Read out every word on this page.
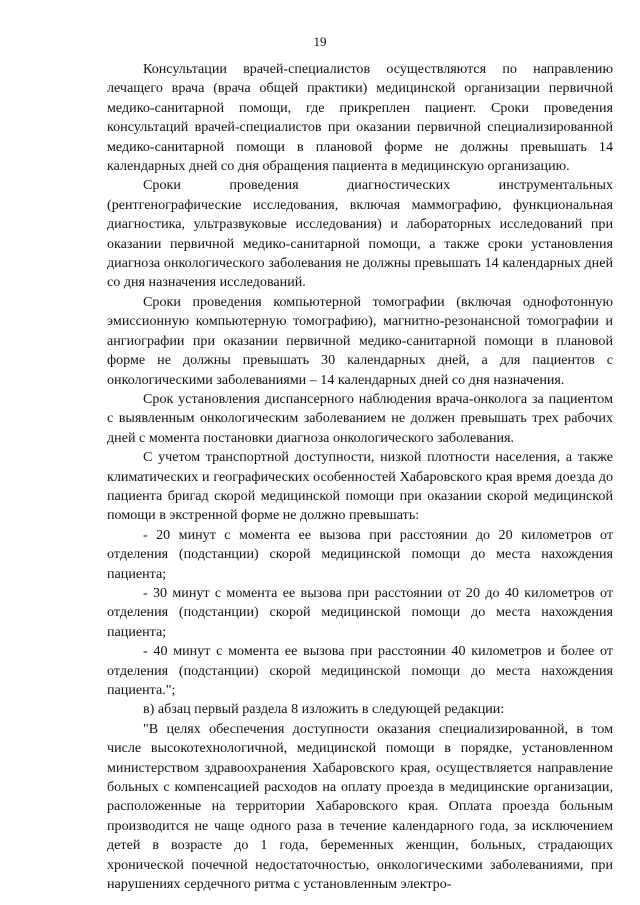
19

Консультации врачей-специалистов осуществляются по направлению лечащего врача (врача общей практики) медицинской организации первичной медико-санитарной помощи, где прикреплен пациент. Сроки проведения консультаций врачей-специалистов при оказании первичной специализированной медико-санитарной помощи в плановой форме не должны превышать 14 календарных дней со дня обращения пациента в медицинскую организацию.

Сроки проведения диагностических инструментальных (рентгенографические исследования, включая маммографию, функциональная диагностика, ультразвуковые исследования) и лабораторных исследований при оказании первичной медико-санитарной помощи, а также сроки установления диагноза онкологического заболевания не должны превышать 14 календарных дней со дня назначения исследований.

Сроки проведения компьютерной томографии (включая однофотонную эмиссионную компьютерную томографию), магнитно-резонансной томографии и ангиографии при оказании первичной медико-санитарной помощи в плановой форме не должны превышать 30 календарных дней, а для пациентов с онкологическими заболеваниями – 14 календарных дней со дня назначения.

Срок установления диспансерного наблюдения врача-онколога за пациентом с выявленным онкологическим заболеванием не должен превышать трех рабочих дней с момента постановки диагноза онкологического заболевания.

С учетом транспортной доступности, низкой плотности населения, а также климатических и географических особенностей Хабаровского края время доезда до пациента бригад скорой медицинской помощи при оказании скорой медицинской помощи в экстренной форме не должно превышать:

- 20 минут с момента ее вызова при расстоянии до 20 километров от отделения (подстанции) скорой медицинской помощи до места нахождения пациента;

- 30 минут с момента ее вызова при расстоянии от 20 до 40 километров от отделения (подстанции) скорой медицинской помощи до места нахождения пациента;

- 40 минут с момента ее вызова при расстоянии 40 километров и более от отделения (подстанции) скорой медицинской помощи до места нахождения пациента.";

в) абзац первый раздела 8 изложить в следующей редакции:

"В целях обеспечения доступности оказания специализированной, в том числе высокотехнологичной, медицинской помощи в порядке, установленном министерством здравоохранения Хабаровского края, осуществляется направление больных с компенсацией расходов на оплату проезда в медицинские организации, расположенные на территории Хабаровского края. Оплата проезда больным производится не чаще одного раза в течение календарного года, за исключением детей в возрасте до 1 года, беременных женщин, больных, страдающих хронической почечной недостаточностью, онкологическими заболеваниями, при нарушениях сердечного ритма с установленным электро-
